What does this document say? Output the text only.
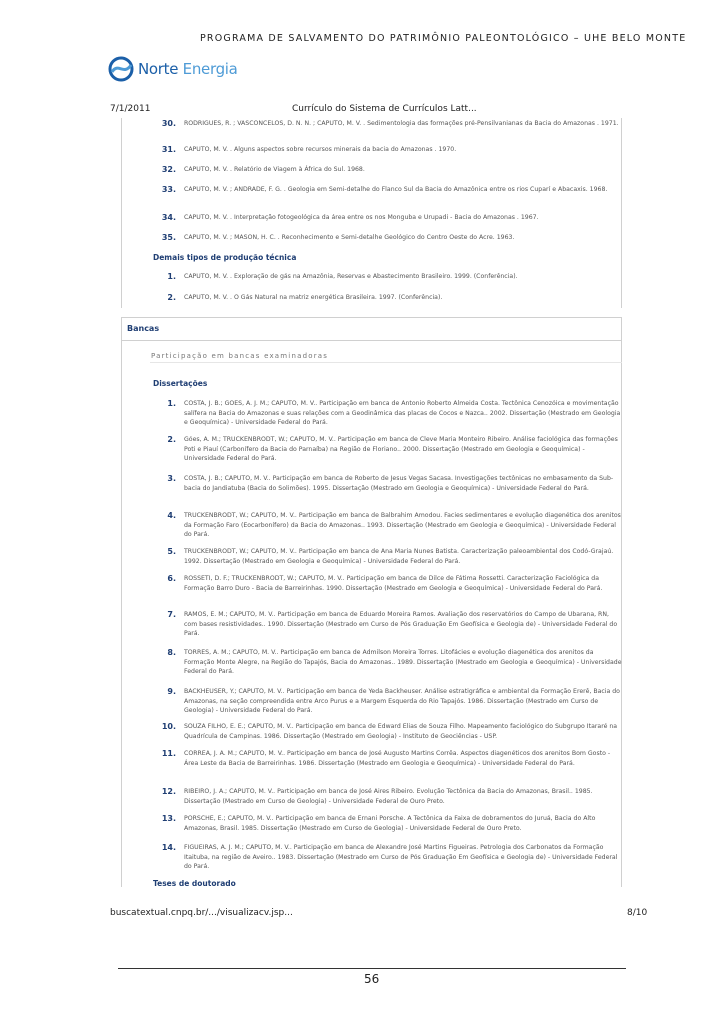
PROGRAMA DE SALVAMENTO DO PATRIMÔNIO PALEONTOLÓGICO – UHE BELO MONTE
Norte Energia
7/1/2011	Currículo do Sistema de Currículos Latt...
30.	RODRIGUES, R. ; VASCONCELOS, D. N. N. ; CAPUTO, M. V. . Sedimentologia das formações pré-Pensilvanianas da Bacia do Amazonas . 1971.
31.	CAPUTO, M. V. . Alguns aspectos sobre recursos minerais da bacia do Amazonas . 1970.
32.	CAPUTO, M. V. . Relatório de Viagem à África do Sul. 1968.
33.	CAPUTO, M. V. ; ANDRADE, F. G. . Geologia em Semi-detalhe do Flanco Sul da Bacia do Amazônica entre os rios Cuparí e Abacaxis. 1968.
34.	CAPUTO, M. V. . Interpretação fotogeológica da área entre os nos Monguba e Urupadi - Bacia do Amazonas . 1967.
35.	CAPUTO, M. V. ; MASON, H. C. . Reconhecimento e Semi-detalhe Geológico do Centro Oeste do Acre. 1963.
Demais tipos de produção técnica
1.	CAPUTO, M. V. . Exploração de gás na Amazônia, Reservas e Abastecimento Brasileiro. 1999. (Conferência).
2.	CAPUTO, M. V. . O Gás Natural na matriz energética Brasileira. 1997. (Conferência).
Bancas
Participação em bancas examinadoras
Dissertações
1.	COSTA, J. B.; GOES, A. J. M.; CAPUTO, M. V.. Participação em banca de Antonio Roberto Almeida Costa. Tectônica Cenozóica e movimentação salífera na Bacia do Amazonas e suas relações com a Geodinâmica das placas de Cocos e Nazca.. 2002. Dissertação (Mestrado em Geologia e Geoquímica) - Universidade Federal do Pará.
2.	Góes, A. M.; TRUCKENBRODT, W.; CAPUTO, M. V.. Participação em banca de Cleve Maria Monteiro Ribeiro. Análise faciológica das formações Poti e Piauí (Carbonífero da Bacia do Parnaíba) na Região de Floriano.. 2000. Dissertação (Mestrado em Geologia e Geoquímica) - Universidade Federal do Pará.
3.	COSTA, J. B.; CAPUTO, M. V.. Participação em banca de Roberto de Jesus Vegas Sacasa. Investigações tectônicas no embasamento da Sub-bacia do Jandiatuba (Bacia do Solimões). 1995. Dissertação (Mestrado em Geologia e Geoquímica) - Universidade Federal do Pará.
4.	TRUCKENBRODT, W.; CAPUTO, M. V.. Participação em banca de Balbrahim Amodou. Facies sedimentares e evolução diagenética dos arenitos da Formação Faro (Eocarbonífero) da Bacia do Amazonas.. 1993. Dissertação (Mestrado em Geologia e Geoquímica) - Universidade Federal do Pará.
5.	TRUCKENBRODT, W.; CAPUTO, M. V.. Participação em banca de Ana Maria Nunes Batista. Caracterização paleoambiental dos Codó-Grajaú. 1992. Dissertação (Mestrado em Geologia e Geoquímica) - Universidade Federal do Pará.
6.	ROSSETI, D. F.; TRUCKENBRODT, W.; CAPUTO, M. V.. Participação em banca de Dilce de Fátima Rossetti. Caracterização Faciológica da Formação Barro Duro - Bacia de Barreirinhas. 1990. Dissertação (Mestrado em Geologia e Geoquímica) - Universidade Federal do Pará.
7.	RAMOS, E. M.; CAPUTO, M. V.. Participação em banca de Eduardo Moreira Ramos. Avaliação dos reservatórios do Campo de Ubarana, RN, com bases resistividades.. 1990. Dissertação (Mestrado em Curso de Pós Graduação Em Geofísica e Geologia de) - Universidade Federal do Pará.
8.	TORRES, A. M.; CAPUTO, M. V.. Participação em banca de Admilson Moreira Torres. Litofácies e evolução diagenética dos arenitos da Formação Monte Alegre, na Região do Tapajós, Bacia do Amazonas.. 1989. Dissertação (Mestrado em Geologia e Geoquímica) - Universidade Federal do Pará.
9.	BACKHEUSER, Y.; CAPUTO, M. V.. Participação em banca de Yeda Backheuser. Análise estratigráfica e ambiental da Formação Ererê, Bacia do Amazonas, na seção compreendida entre Arco Purus e a Margem Esquerda do Rio Tapajós. 1986. Dissertação (Mestrado em Curso de Geologia) - Universidade Federal do Pará.
10.	SOUZA FILHO, E. E.; CAPUTO, M. V.. Participação em banca de Edward Elias de Souza Filho. Mapeamento faciológico do Subgrupo Itararé na Quadrícula de Campinas. 1986. Dissertação (Mestrado em Geologia) - Instituto de Geociências - USP.
11.	CORREA, J. A. M.; CAPUTO, M. V.. Participação em banca de José Augusto Martins Corrêa. Aspectos diagenéticos dos arenitos Bom Gosto - Área Leste da Bacia de Barreirinhas. 1986. Dissertação (Mestrado em Geologia e Geoquímica) - Universidade Federal do Pará.
12.	RIBEIRO, J. A.; CAPUTO, M. V.. Participação em banca de José Aires Ribeiro. Evolução Tectônica da Bacia do Amazonas, Brasil.. 1985. Dissertação (Mestrado em Curso de Geologia) - Universidade Federal de Ouro Preto.
13.	PORSCHE, E.; CAPUTO, M. V.. Participação em banca de Ernani Porsche. A Tectônica da Faixa de dobramentos do Juruá, Bacia do Alto Amazonas, Brasil. 1985. Dissertação (Mestrado em Curso de Geologia) - Universidade Federal de Ouro Preto.
14.	FIGUEIRAS, A. J. M.; CAPUTO, M. V.. Participação em banca de Alexandre José Martins Figueiras. Petrologia dos Carbonatos da Formação Itaituba, na região de Aveiro.. 1983. Dissertação (Mestrado em Curso de Pós Graduação Em Geofísica e Geologia de) - Universidade Federal do Pará.
Teses de doutorado
buscatextual.cnpq.br/.../visualizacv.jsp...	8/10
56
